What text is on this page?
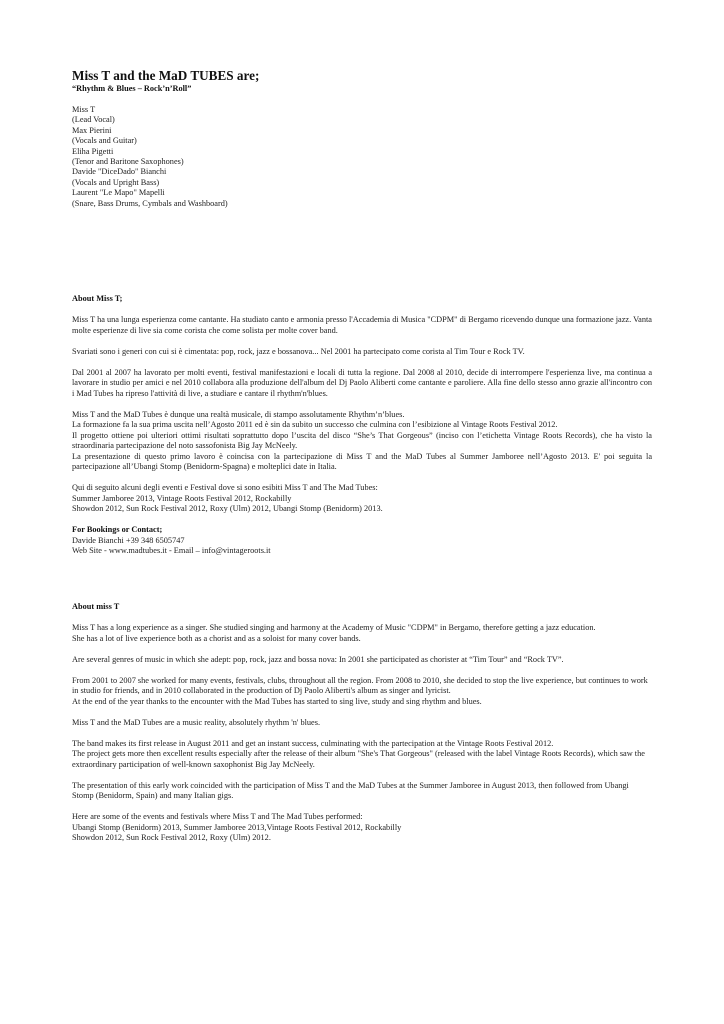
Miss T and the MaD TUBES are;
“Rhythm & Blues – Rock’n’Roll”
Miss T
(Lead Vocal)
Max Pierini
(Vocals and Guitar)
Eliha Pigetti
(Tenor and Baritone Saxophones)
Davide "DiceDado" Bianchi
(Vocals and Upright Bass)
Laurent "Le Mapo" Mapelli
(Snare, Bass Drums, Cymbals and Washboard)

About Miss T;

Miss T ha una lunga esperienza come cantante. Ha studiato canto e armonia presso l'Accademia di Musica "CDPM" di Bergamo ricevendo dunque una formazione jazz. Vanta molte esperienze di live sia come corista che come solista per molte cover band.

Svariati sono i generi con cui si è cimentata: pop, rock, jazz e bossanova... Nel 2001 ha partecipato come corista al Tim Tour e Rock TV.

Dal 2001 al 2007 ha lavorato per molti eventi, festival manifestazioni e locali di tutta la regione. Dal 2008 al 2010, decide di interrompere l'esperienza live, ma continua a lavorare in studio per amici e nel 2010 collabora alla produzione dell'album del Dj Paolo Aliberti come cantante e paroliere. Alla fine dello stesso anno grazie all'incontro con i Mad Tubes ha ripreso l'attività di live, a studiare e cantare il rhythm'n'blues.

Miss T and the MaD Tubes è dunque una realtà musicale, di stampo assolutamente Rhythm’n’blues.

La formazione fa la sua prima uscita nell’Agosto 2011 ed è sin da subito un successo che culmina con l’esibizione al Vintage Roots Festival 2012.

Il progetto ottiene poi ulteriori ottimi risultati soprattutto dopo l’uscita del disco “She’s That Gorgeous” (inciso con l’etichetta Vintage Roots Records), che ha visto la straordinaria partecipazione del noto sassofonista Big Jay McNeely.

La presentazione di questo primo lavoro è coincisa con la partecipazione di Miss T and the MaD Tubes al Summer Jamboree nell’Agosto 2013. E' poi seguita la partecipazione all’Ubangi Stomp (Benidorm-Spagna) e molteplici date in Italia.

Qui di seguito alcuni degli eventi e Festival dove si sono esibiti Miss T and The Mad Tubes:

Summer Jamboree 2013, Vintage Roots Festival 2012, Rockabilly

Showdon 2012, Sun Rock Festival 2012, Roxy (Ulm) 2012, Ubangi Stomp (Benidorm) 2013.

For Bookings or Contact;

Davide Bianchi +39 348 6505747

Web Site - www.madtubes.it - Email – info@vintageroots.it

About miss T

Miss T has a long experience as a singer. She studied singing and harmony at the Academy of Music "CDPM" in Bergamo, therefore getting a jazz education.

She has a lot of live experience both as a chorist and as a soloist for many cover bands.

Are several genres of music in which she adept: pop, rock, jazz and bossa nova: In 2001 she participated as chorister at “Tim Tour” and “Rock TV”.

From 2001 to 2007 she worked for many events, festivals, clubs, throughout all the region. From 2008 to 2010, she decided to stop the live experience, but continues to work in studio for friends, and in 2010 collaborated in the production of Dj Paolo Aliberti's album as singer and lyricist.

At the end of the year thanks to the encounter with the Mad Tubes has started to sing live, study and sing rhythm and blues.

Miss T and the MaD Tubes are a music reality, absolutely rhythm 'n' blues.

The band makes its first release in August 2011 and get an instant success, culminating with the partecipation at the Vintage Roots Festival 2012.

The project gets more then excellent results especially after the release of their album "She's That Gorgeous" (released with the label Vintage Roots Records), which saw the extraordinary participation of well-known saxophonist Big Jay McNeely.

The presentation of this early work coincided with the participation of Miss T and the MaD Tubes at the Summer Jamboree in August 2013, then followed from Ubangi Stomp (Benidorm, Spain) and many Italian gigs.

Here are some of the events and festivals where Miss T and The Mad Tubes performed:

Ubangi Stomp (Benidorm) 2013, Summer Jamboree 2013,Vintage Roots Festival 2012, Rockabilly

Showdon 2012, Sun Rock Festival 2012, Roxy (Ulm) 2012.
